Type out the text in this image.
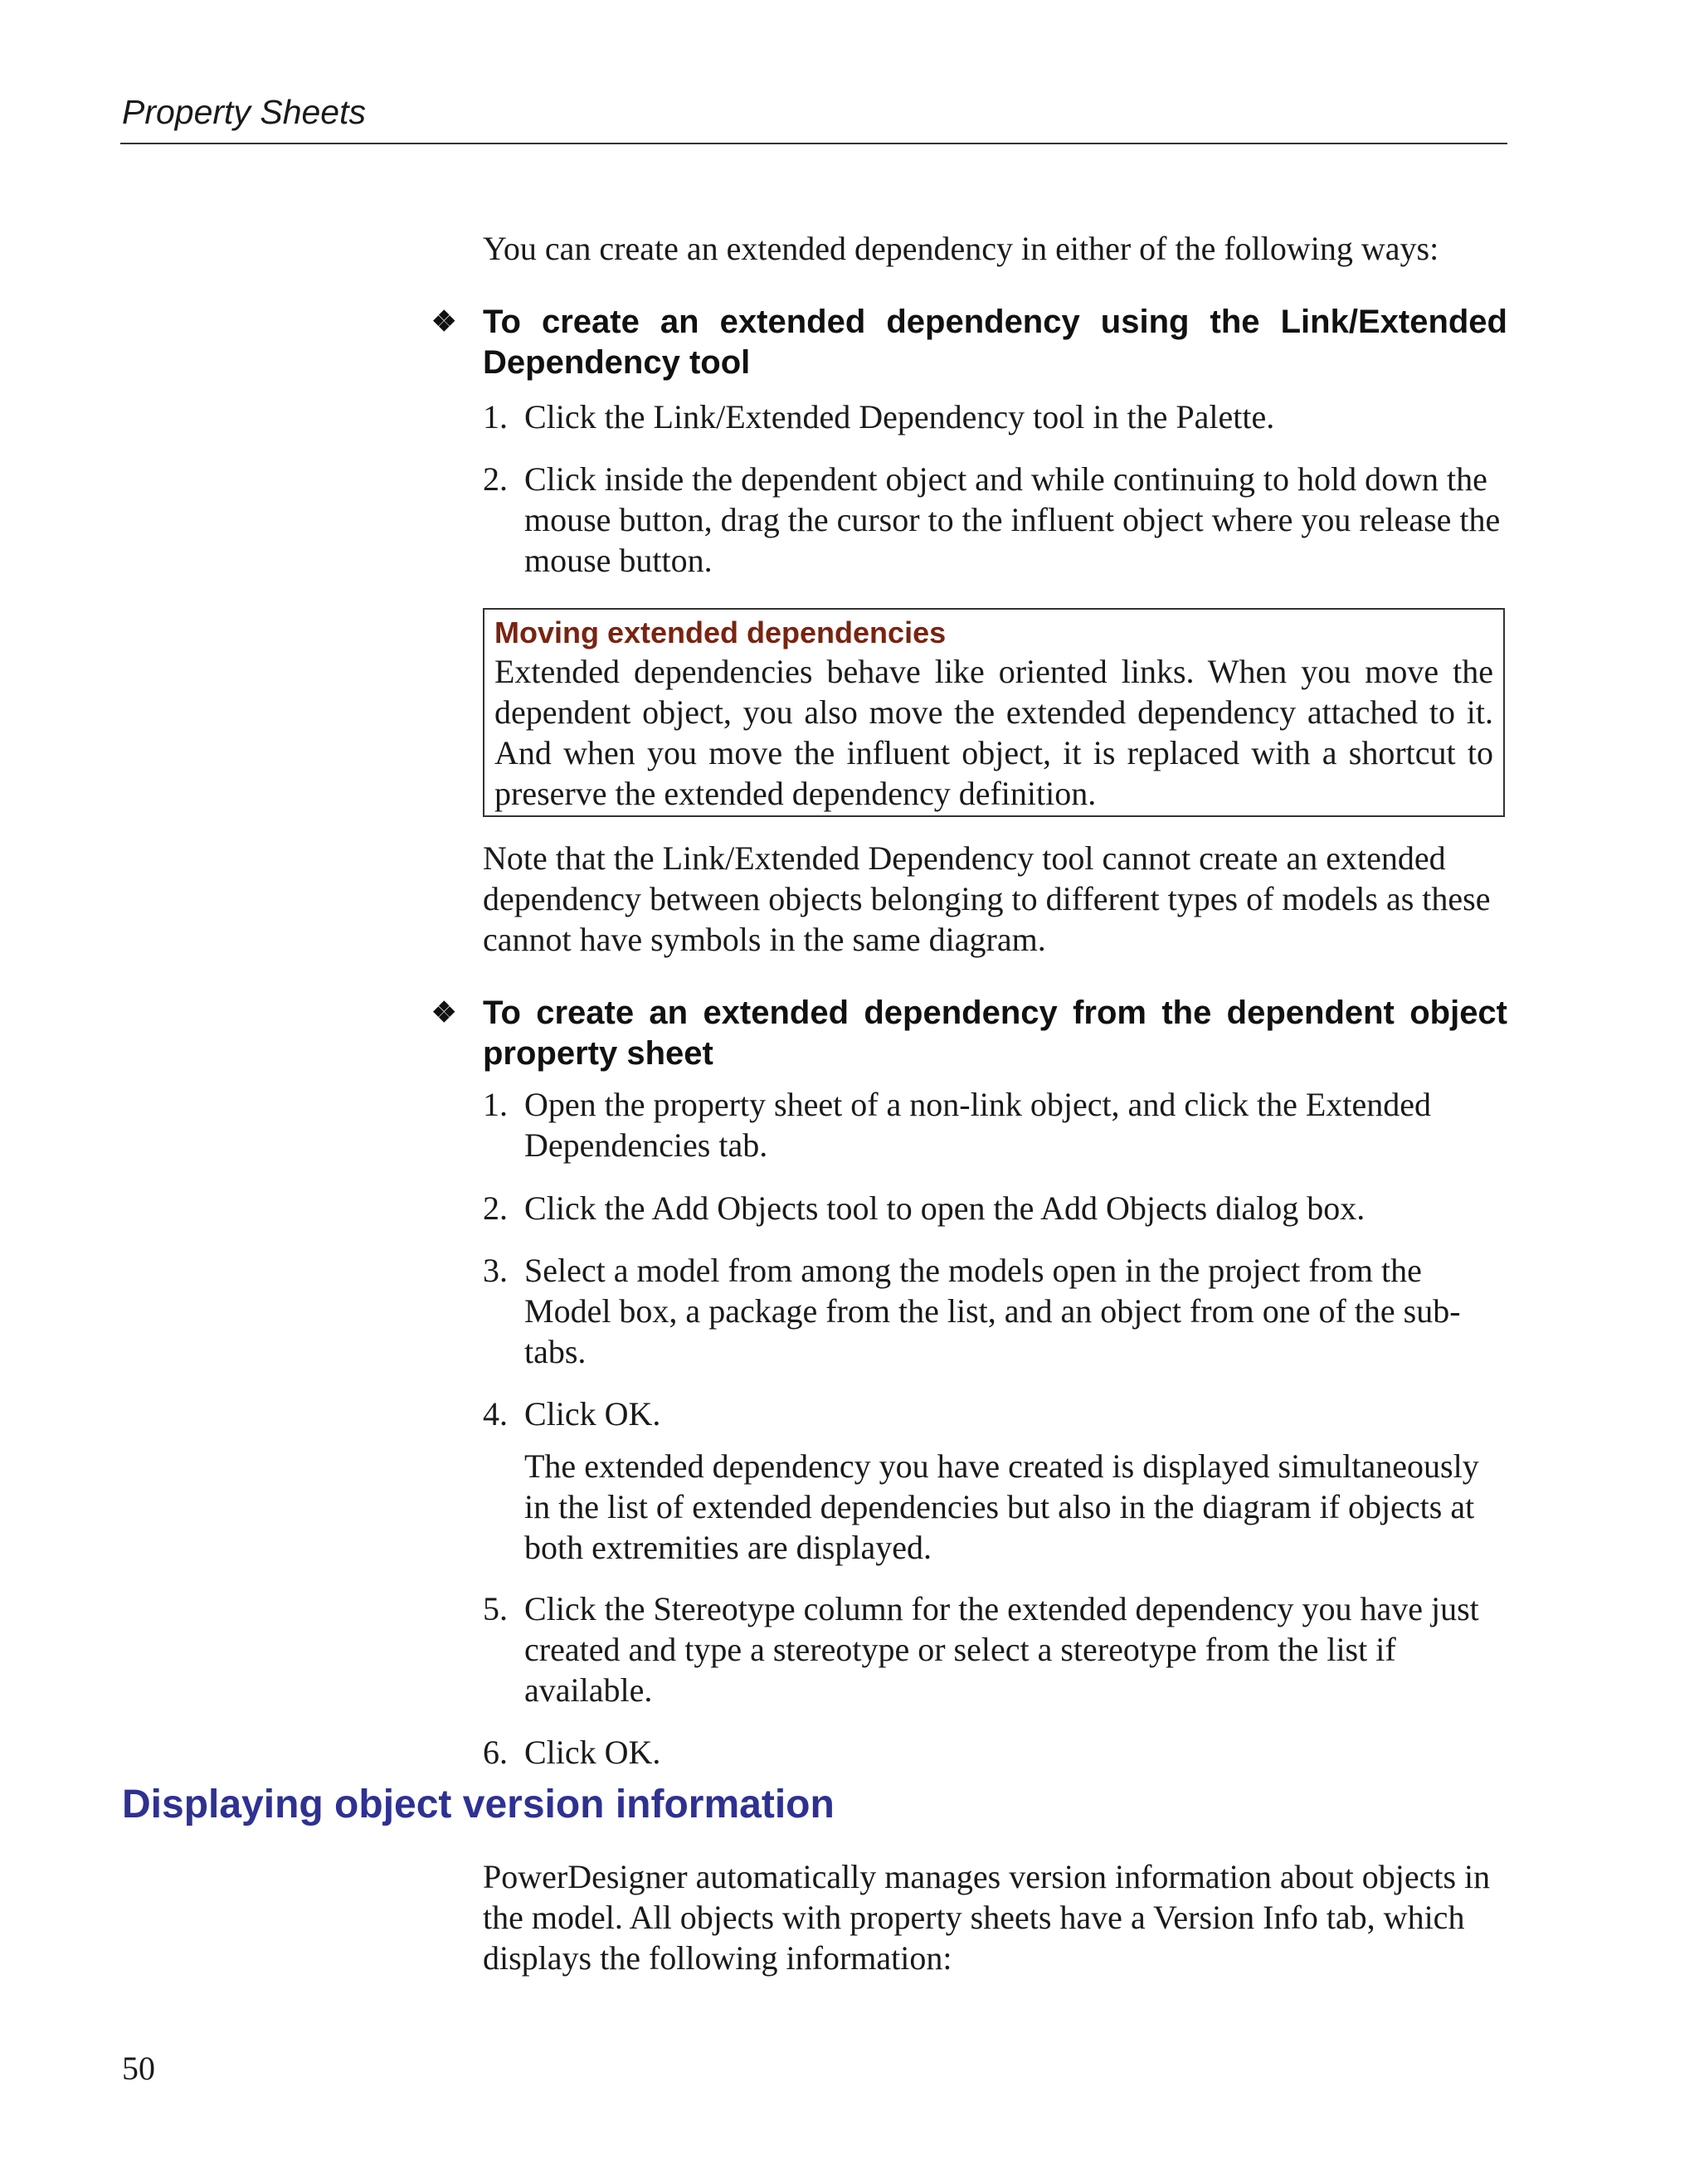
Property Sheets
You can create an extended dependency in either of the following ways:
❖ To create an extended dependency using the Link/Extended Dependency tool
1. Click the Link/Extended Dependency tool in the Palette.
2. Click inside the dependent object and while continuing to hold down the mouse button, drag the cursor to the influent object where you release the mouse button.
Moving extended dependencies
Extended dependencies behave like oriented links. When you move the dependent object, you also move the extended dependency attached to it. And when you move the influent object, it is replaced with a shortcut to preserve the extended dependency definition.
Note that the Link/Extended Dependency tool cannot create an extended dependency between objects belonging to different types of models as these cannot have symbols in the same diagram.
❖ To create an extended dependency from the dependent object property sheet
1. Open the property sheet of a non-link object, and click the Extended Dependencies tab.
2. Click the Add Objects tool to open the Add Objects dialog box.
3. Select a model from among the models open in the project from the Model box, a package from the list, and an object from one of the sub-tabs.
4. Click OK.
The extended dependency you have created is displayed simultaneously in the list of extended dependencies but also in the diagram if objects at both extremities are displayed.
5. Click the Stereotype column for the extended dependency you have just created and type a stereotype or select a stereotype from the list if available.
6. Click OK.
Displaying object version information
PowerDesigner automatically manages version information about objects in the model. All objects with property sheets have a Version Info tab, which displays the following information:
50
